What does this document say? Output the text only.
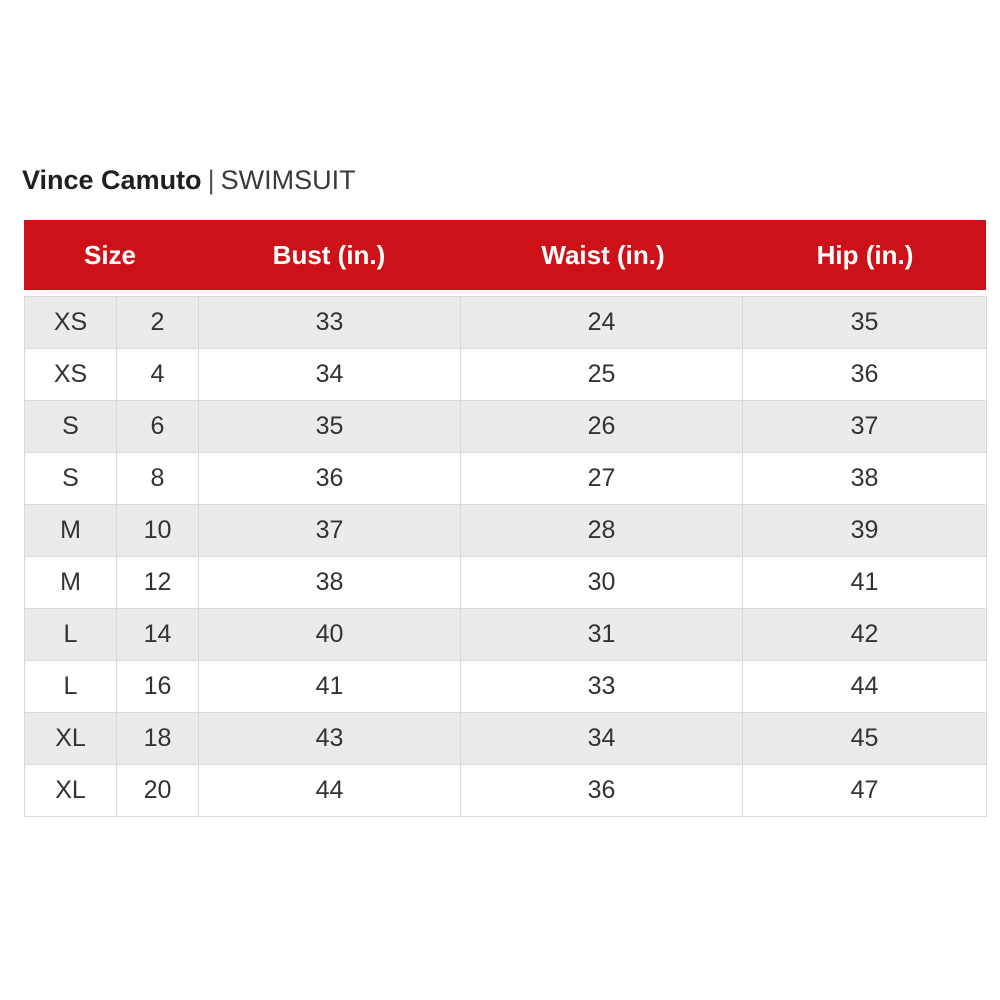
Vince Camuto | SWIMSUIT
Size	Bust (in.)	Waist (in.)	Hip (in.)
XS	2	33	24	35
XS	4	34	25	36
S	6	35	26	37
S	8	36	27	38
M	10	37	28	39
M	12	38	30	41
L	14	40	31	42
L	16	41	33	44
XL	18	43	34	45
XL	20	44	36	47
